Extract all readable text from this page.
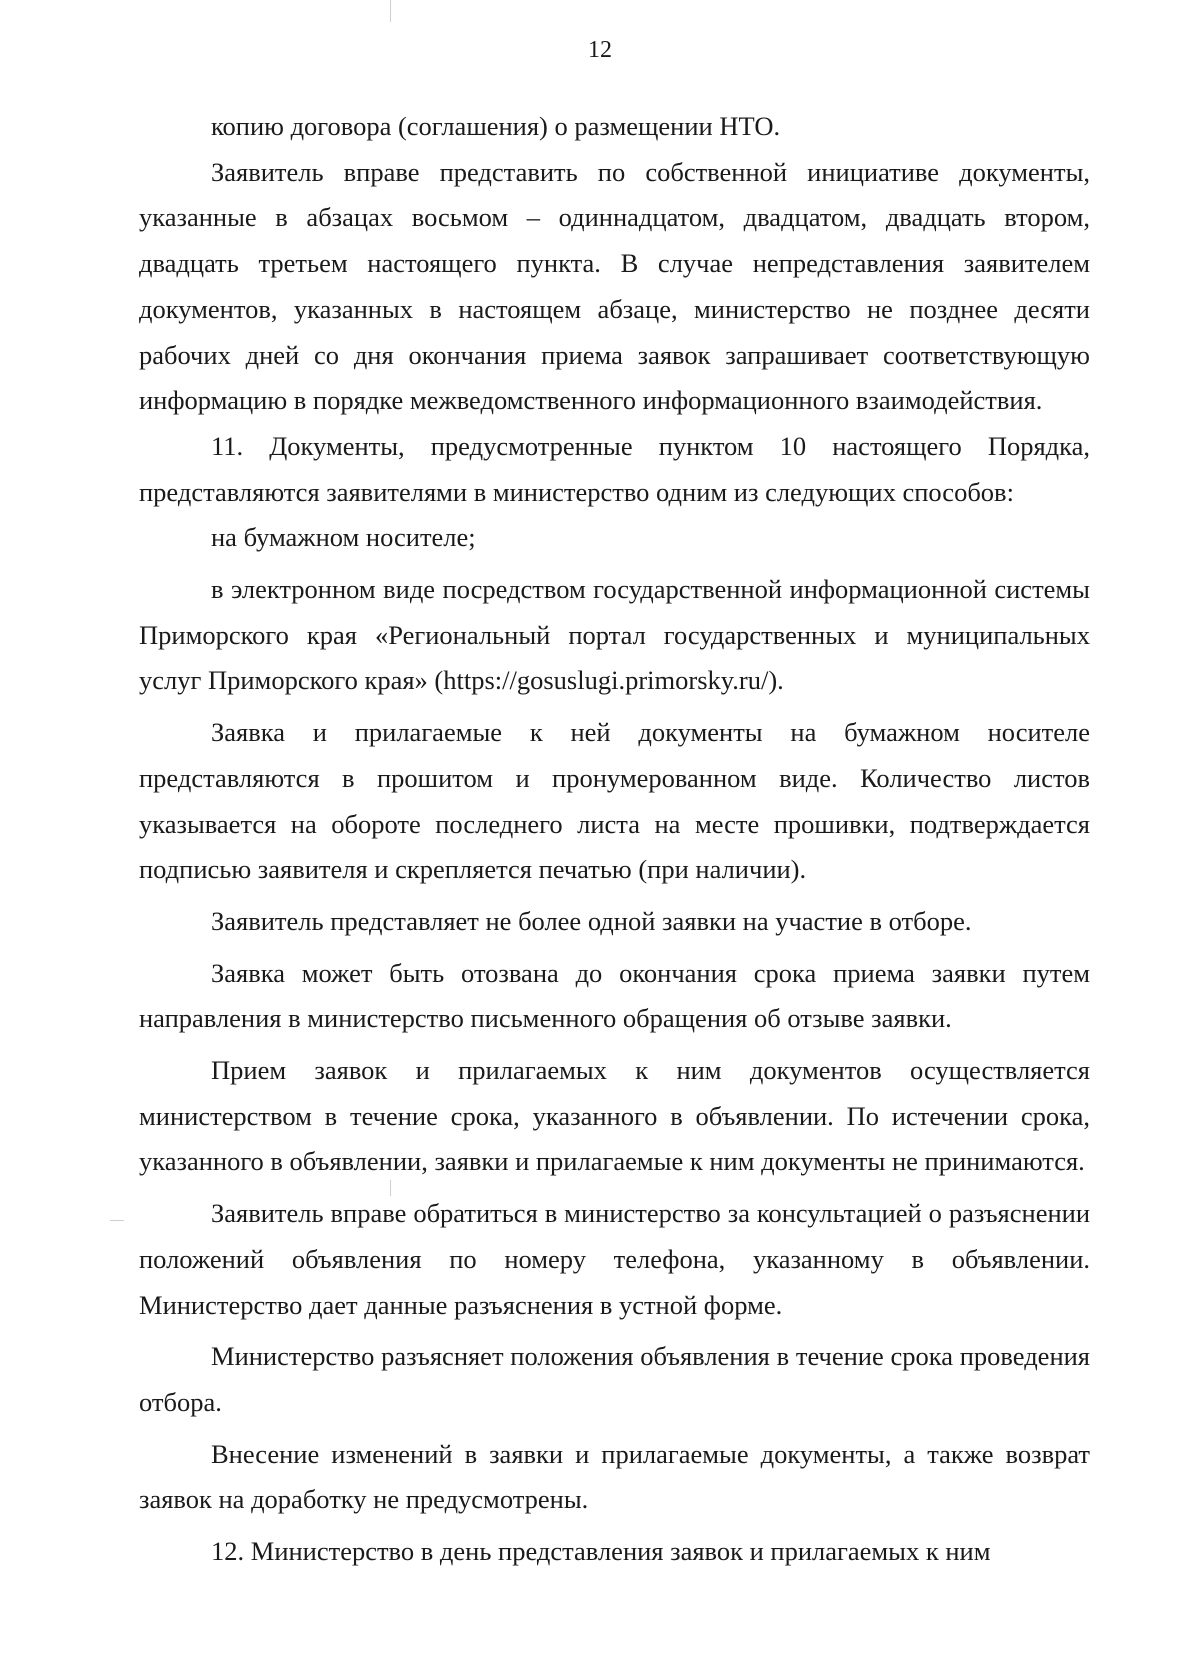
12

копию договора (соглашения) о размещении НТО.

Заявитель вправе представить по собственной инициативе документы, указанные в абзацах восьмом – одиннадцатом, двадцатом, двадцать втором, двадцать третьем настоящего пункта. В случае непредставления заявителем документов, указанных в настоящем абзаце, министерство не позднее десяти рабочих дней со дня окончания приема заявок запрашивает соответствующую информацию в порядке межведомственного информационного взаимодействия.

11. Документы, предусмотренные пунктом 10 настоящего Порядка, представляются заявителями в министерство одним из следующих способов:

на бумажном носителе;

в электронном виде посредством государственной информационной системы Приморского края «Региональный портал государственных и муниципальных услуг Приморского края» (https://gosuslugi.primorsky.ru/).

Заявка и прилагаемые к ней документы на бумажном носителе представляются в прошитом и пронумерованном виде. Количество листов указывается на обороте последнего листа на месте прошивки, подтверждается подписью заявителя и скрепляется печатью (при наличии).

Заявитель представляет не более одной заявки на участие в отборе.

Заявка может быть отозвана до окончания срока приема заявки путем направления в министерство письменного обращения об отзыве заявки.

Прием заявок и прилагаемых к ним документов осуществляется министерством в течение срока, указанного в объявлении. По истечении срока, указанного в объявлении, заявки и прилагаемые к ним документы не принимаются.

Заявитель вправе обратиться в министерство за консультацией о разъяснении положений объявления по номеру телефона, указанному в объявлении. Министерство дает данные разъяснения в устной форме.

Министерство разъясняет положения объявления в течение срока проведения отбора.

Внесение изменений в заявки и прилагаемые документы, а также возврат заявок на доработку не предусмотрены.

12. Министерство в день представления заявок и прилагаемых к ним
